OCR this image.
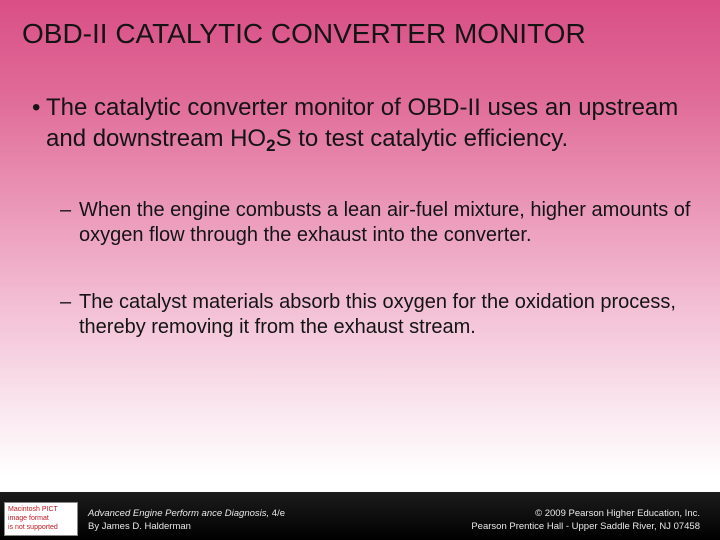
OBD-II CATALYTIC CONVERTER MONITOR
• The catalytic converter monitor of OBD-II uses an upstream and downstream $HO_2S$ to test catalytic efficiency.
– When the engine combusts a lean air-fuel mixture, higher amounts of oxygen flow through the exhaust into the converter.
– The catalyst materials absorb this oxygen for the oxidation process, thereby removing it from the exhaust stream.
Macintosh PICT
image format
is not supported
Advanced Engine Perform ance Diagnosis, 4/e
By James D. Halderman
© 2009 Pearson Higher Education, Inc.
Pearson Prentice Hall - Upper Saddle River, NJ 07458
